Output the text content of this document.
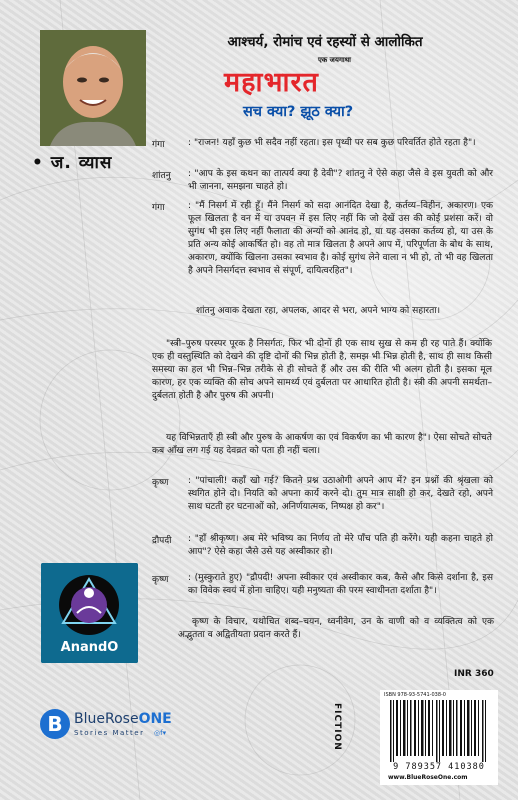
• ज. व्यास
आश्चर्य, रोमांच एवं रहस्यों से आलोकित
एक जयगाथा
महाभारत
सच क्या? झूठ क्या?
गंगा	: "राजन! यहाँ कुछ भी सदैव नहीं रहता। इस पृथ्वी पर सब कुछ परिवर्तित होते रहता है"।
शांतनु	: "आप के इस कथन का तात्पर्य क्या है देवी"? शांतनु ने ऐसे कहा जैसे वे इस युवती को और भी जानना, समझना चाहते हो।
गंगा	: "मैं निसर्ग में रही हूँ। मैंने निसर्ग को सदा आनंदित देखा है, कर्तव्य–विहीन, अकारण। एक फूल खिलता है वन में या उपवन में इस लिए नहीं कि जो देखें उस की कोई प्रशंसा करें। वो सुगंध भी इस लिए नहीं फैलाता की अन्यों को आनंद हो, या यह उसका कर्तव्य हो, या उस के प्रति अन्य कोई आकर्षित हो। वह तो मात्र खिलता है अपने आप में, परिपूर्णता के बोध के साथ, अकारण, क्योंकि खिलना उसका स्वभाव है। कोई सुगंध लेने वाला न भी हो, तो भी वह खिलता है अपने निसर्गदत्त स्वभाव से संपूर्ण, दायित्वरहित"।
शांतनु अवाक देखता रहा, अपलक, आदर से भरा, अपने भाग्य को सहारता।
"स्त्री–पुरुष परस्पर पूरक है निसर्गतः, फिर भी दोनों ही एक साथ सुख से कम ही रह पाते हैं। क्योंकि एक ही वस्तुस्थिति को देखने की दृष्टि दोनों की भिन्न होती है, समझ भी भिन्न होती है, साथ ही साथ किसी समस्या का हल भी भिन्न–भिन्न तरीके से ही सोचते हैं और उस की रीति भी अलग होती है। इसका मूल कारण, हर एक व्यक्ति की सोच अपने सामर्थ्य एवं दुर्बलता पर आधारित होती है। स्त्री की अपनी समर्थता–दुर्बलता होती है और पुरुष की अपनी।
यह विभिन्नताएँ ही स्त्री और पुरुष के आकर्षण का एवं विकर्षण का भी कारण है"। ऐसा सोचते सोचते कब आँख लग गई यह देवव्रत को पता ही नहीं चला।
कृष्ण	: "पांचाली! कहाँ खो गई? कितने प्रश्न उठाओगी अपने आप में? इन प्रश्नों की श्रृंखला को स्थगित होने दो। नियति को अपना कार्य करने दो। तुम मात्र साक्षी हो कर, देखते रहो, अपने साथ घटती हर घटनाओं को, अनिर्णयात्मक, निष्पक्ष हो कर"।
द्रौपदी	: "हाँ श्रीकृष्ण। अब मेरे भविष्य का निर्णय तो मेरे पाँच पति ही करेंगे। यही कहना चाहते हो आप"? ऐसे कहा जैसे उसे यह अस्वीकार हो।
कृष्ण	: (मुस्कुराते हुए) "द्रौपदी! अपना स्वीकार एवं अस्वीकार कब, कैसे और किसे दर्शाना है, इस का विवेक स्वयं में होना चाहिए। यही मनुष्यता की परम स्वाधीनता दर्शाता है"।
कृष्ण के विचार, यथोचित शब्द–चयन, ध्वनीवेग, उन के वाणी को व व्यक्तित्व को एक अद्भुतता व अद्वितीयता प्रदान करते हैं।
AnandO
INR 360
FICTION
ISBN 978-93-5741-038-0
9 789357 410380
www.BlueRoseOne.com
B BlueRoseONE
Stories Matter ◎f▾
